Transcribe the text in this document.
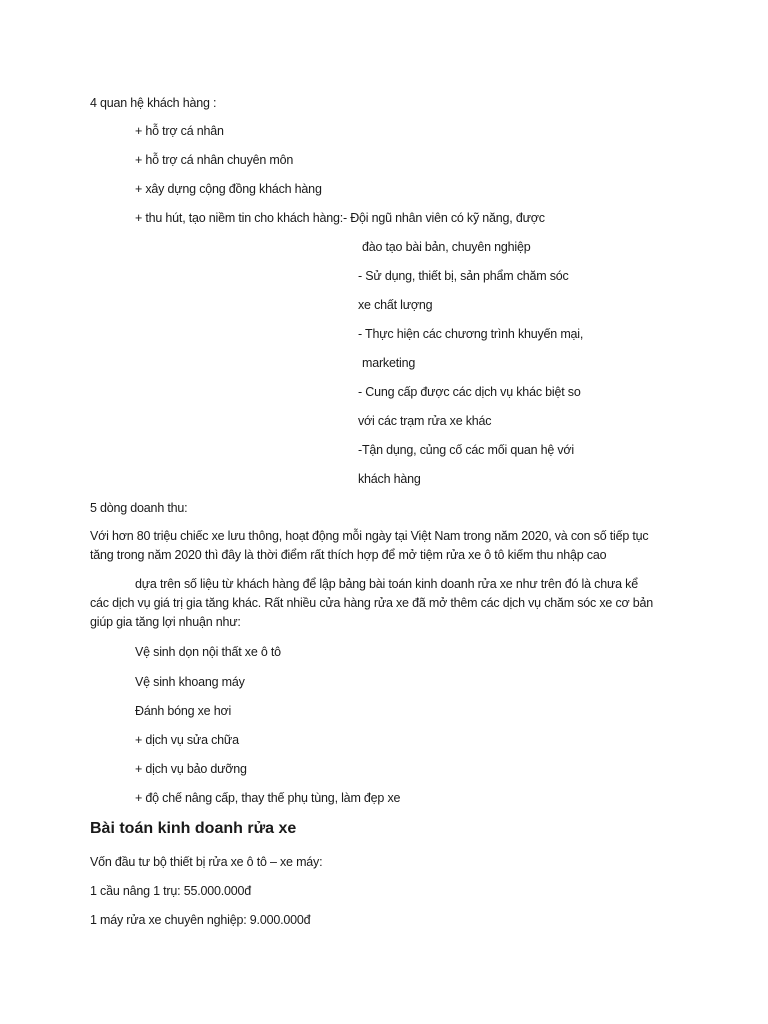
4 quan hệ khách hàng :
+ hỗ trợ cá nhân
+ hỗ trợ cá nhân chuyên môn
+ xây dựng cộng đồng khách hàng
+ thu hút, tạo niềm tin cho khách hàng:- Đội ngũ nhân viên có kỹ năng, được
đào tạo bài bản, chuyên nghiệp
- Sử dụng, thiết bị, sản phẩm chăm sóc
xe chất lượng
- Thực hiện các chương trình khuyến mại,
marketing
- Cung cấp được các dịch vụ khác biệt so
với các trạm rửa xe khác
-Tận dụng, củng cố các mối quan hệ với
khách hàng
5 dòng doanh thu:
Với hơn 80 triệu chiếc xe lưu thông, hoạt động mỗi ngày tại Việt Nam trong năm 2020, và con số tiếp tục
tăng trong năm 2020 thì đây là thời điểm rất thích hợp để mở tiệm rửa xe ô tô kiếm thu nhập cao
dựa trên số liệu từ khách hàng để lập bảng bài toán kinh doanh rửa xe như trên đó là chưa kể
các dịch vụ giá trị gia tăng khác. Rất nhiều cửa hàng rửa xe đã mở thêm các dịch vụ chăm sóc xe cơ bản
giúp gia tăng lợi nhuận như:
Vệ sinh dọn nội thất xe ô tô
Vệ sinh khoang máy
Đánh bóng xe hơi
+ dịch vụ sửa chữa
+ dịch vụ bảo dưỡng
+ độ chế nâng cấp, thay thế phụ tùng, làm đẹp xe
Bài toán kinh doanh rửa xe
Vốn đầu tư bộ thiết bị rửa xe ô tô – xe máy:
1 cầu nâng 1 trụ: 55.000.000đ
1 máy rửa xe chuyên nghiệp: 9.000.000đ
